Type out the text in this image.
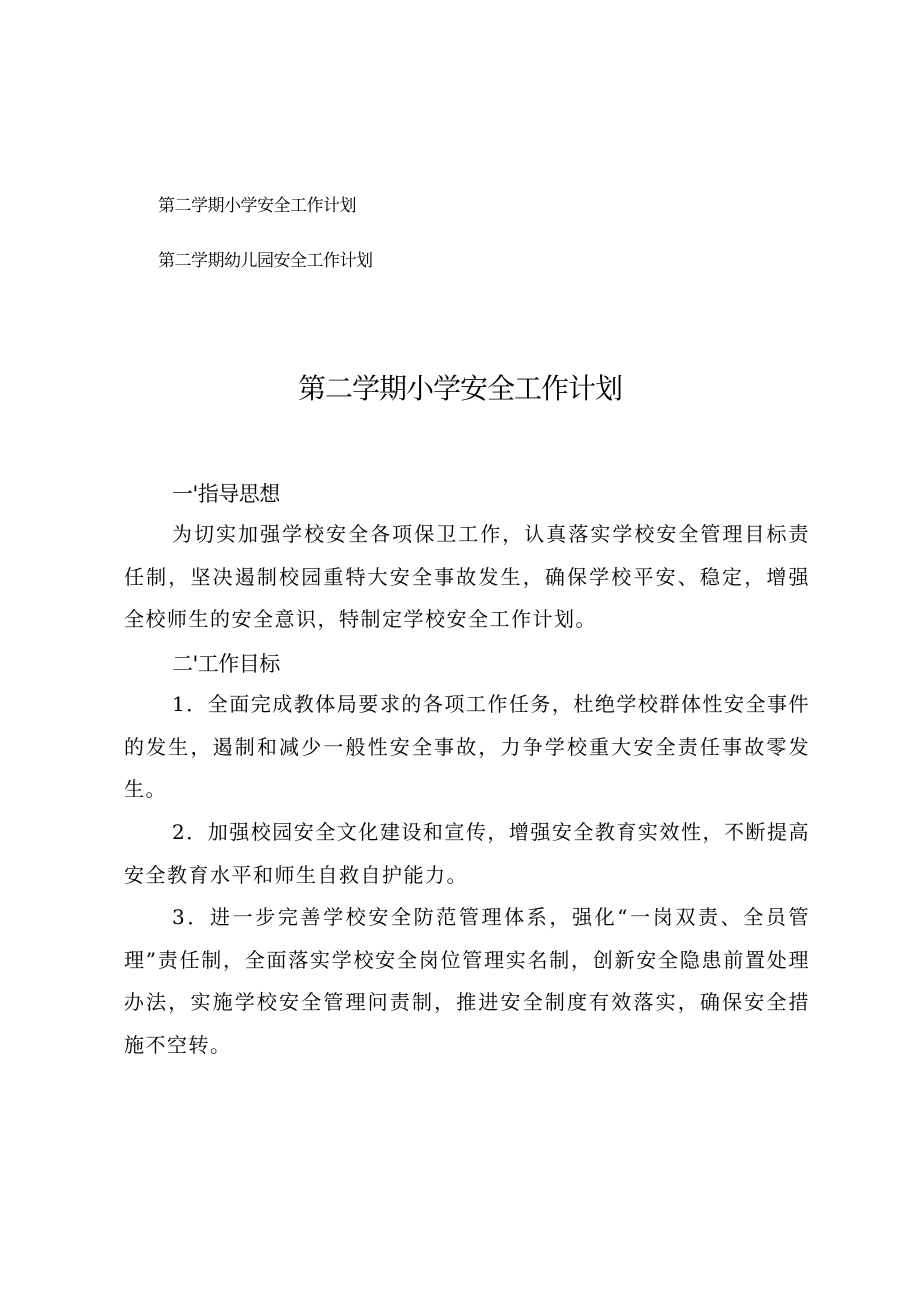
第二学期小学安全工作计划
第二学期幼儿园安全工作计划
第二学期小学安全工作计划
一'指导思想

为切实加强学校安全各项保卫工作，认真落实学校安全管理目标责任制，坚决遏制校园重特大安全事故发生，确保学校平安、稳定，增强全校师生的安全意识，特制定学校安全工作计划。

二'工作目标

1．全面完成教体局要求的各项工作任务，杜绝学校群体性安全事件的发生，遏制和减少一般性安全事故，力争学校重大安全责任事故零发生。

2．加强校园安全文化建设和宣传，增强安全教育实效性，不断提高安全教育水平和师生自救自护能力。

3．进一步完善学校安全防范管理体系，强化“一岗双责、全员管理”责任制，全面落实学校安全岗位管理实名制，创新安全隐患前置处理办法，实施学校安全管理问责制，推进安全制度有效落实，确保安全措施不空转。
